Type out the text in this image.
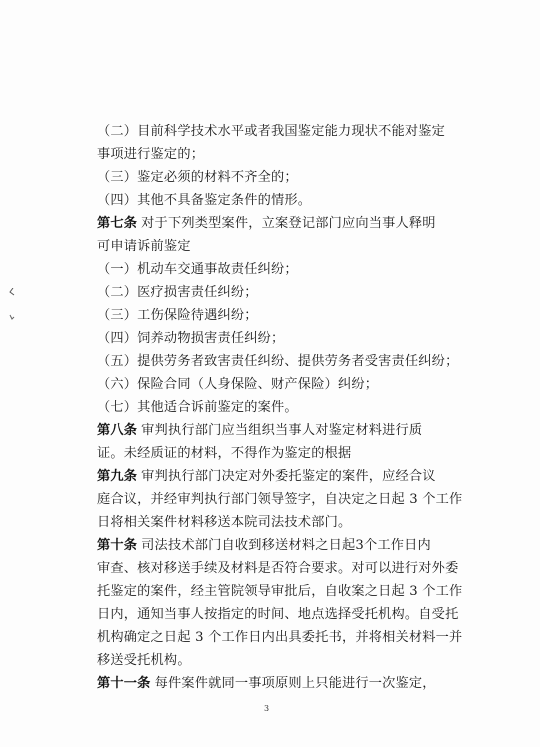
（二）目前科学技术水平或者我国鉴定能力现状不能对鉴定
事项进行鉴定的；
（三）鉴定必须的材料不齐全的；
（四）其他不具备鉴定条件的情形。
第七条 对于下列类型案件，立案登记部门应向当事人释明
可申请诉前鉴定
（一）机动车交通事故责任纠纷；
（二）医疗损害责任纠纷；
（三）工伤保险待遇纠纷；
（四）饲养动物损害责任纠纷；
（五）提供劳务者致害责任纠纷、提供劳务者受害责任纠纷；
（六）保险合同（人身保险、财产保险）纠纷；
（七）其他适合诉前鉴定的案件。
第八条 审判执行部门应当组织当事人对鉴定材料进行质
证。未经质证的材料，不得作为鉴定的根据
第九条 审判执行部门决定对外委托鉴定的案件，应经合议
庭合议，并经审判执行部门领导签字，自决定之日起 3 个工作
日将相关案件材料移送本院司法技术部门。
第十条 司法技术部门自收到移送材料之日起3个工作日内
审查、核对移送手续及材料是否符合要求。对可以进行对外委
托鉴定的案件，经主管院领导审批后，自收案之日起 3 个工作
日内，通知当事人按指定的时间、地点选择受托机构。自受托
机构确定之日起 3 个工作日内出具委托书，并将相关材料一并
移送受托机构。
第十一条 每件案件就同一事项原则上只能进行一次鉴定，
3
